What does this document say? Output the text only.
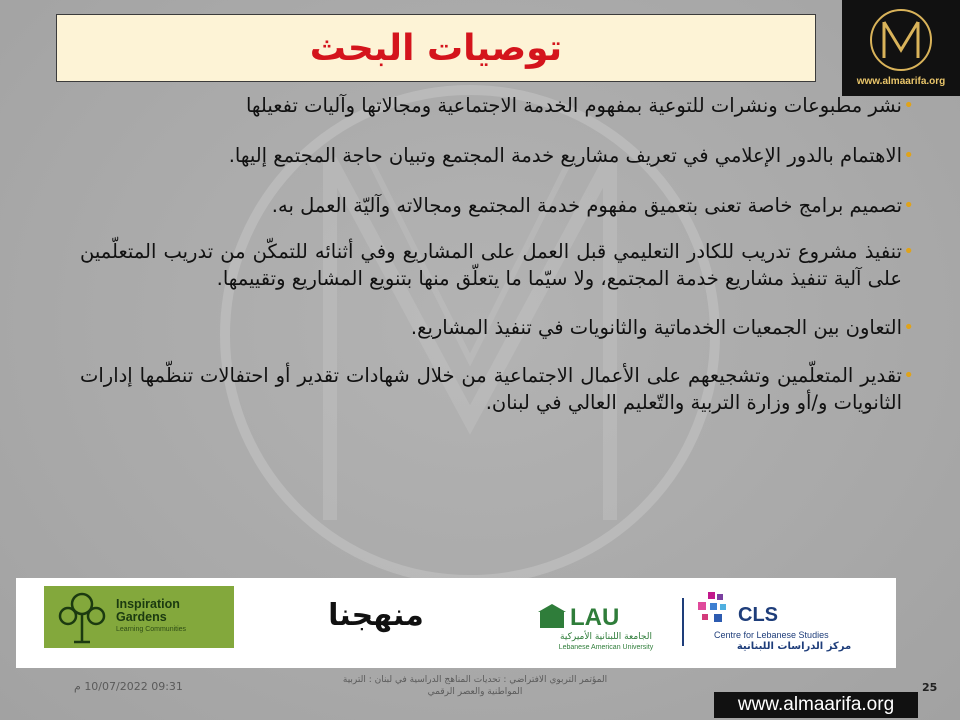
توصيات البحث
www.almaarifa.org
•
نشر مطبوعات ونشرات للتوعية بمفهوم الخدمة الاجتماعية ومجالاتها وآليات تفعيلها
•
الاهتمام بالدور الإعلامي في تعريف مشاريع خدمة المجتمع وتبيان حاجة المجتمع إليها.
•
تصميم برامج خاصة تعنى بتعميق مفهوم خدمة المجتمع ومجالاته وآليّة العمل به.
•
تنفيذ مشروع تدريب للكادر التعليمي قبل العمل على المشاريع وفي أثنائه للتمكّن من تدريب المتعلّمين على آلية تنفيذ مشاريع خدمة المجتمع، ولا سيّما ما يتعلّق منها بتنويع المشاريع وتقييمها.
•
التعاون بين الجمعيات الخدماتية والثانويات في تنفيذ المشاريع.
•
تقدير المتعلّمين وتشجيعهم على الأعمال الاجتماعية من خلال شهادات تقدير أو احتفالات تنظّمها إدارات الثانويات و/أو وزارة التربية والتّعليم العالي في لبنان.
Inspiration
Gardens
Learning Communities	منهجنا	LAU
الجامعة اللبنانية الأميركية
Lebanese American University
CLS
Centre for Lebanese Studies
مركز الدراسات اللبنانية
09:31 10/07/2022 م	المؤتمر التربوي الافتراضي : تحديات المناهج الدراسية في لبنان : التربية المواطنية والعصر الرقمي	25
www.almaarifa.org
